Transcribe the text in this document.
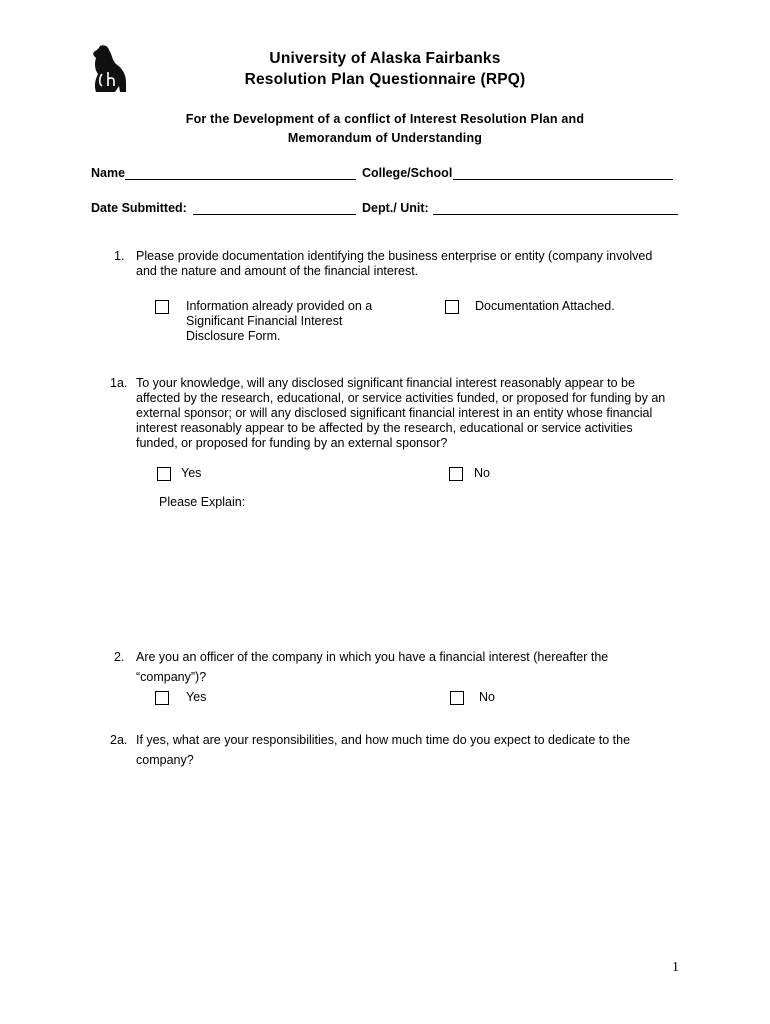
University of Alaska Fairbanks
Resolution Plan Questionnaire (RPQ)
For the Development of a conflict of Interest Resolution Plan and
Memorandum of Understanding
Name	College/School
Date Submitted:	Dept./ Unit:
1. Please provide documentation identifying the business enterprise or entity (company involved
and the nature and amount of the financial interest.
Information already provided on a
Significant Financial Interest
Disclosure Form.
Documentation Attached.
1a. To your knowledge, will any disclosed significant financial interest reasonably appear to be
affected by the research, educational, or service activities funded, or proposed for funding by an
external sponsor; or will any disclosed significant financial interest in an entity whose financial
interest reasonably appear to be affected by the research, educational or service activities
funded, or proposed for funding by an external sponsor?
Yes	No
Please Explain:
2. Are you an officer of the company in which you have a financial interest (hereafter the
“company”)?
Yes	No
2a. If yes, what are your responsibilities, and how much time do you expect to dedicate to the
company?
1
